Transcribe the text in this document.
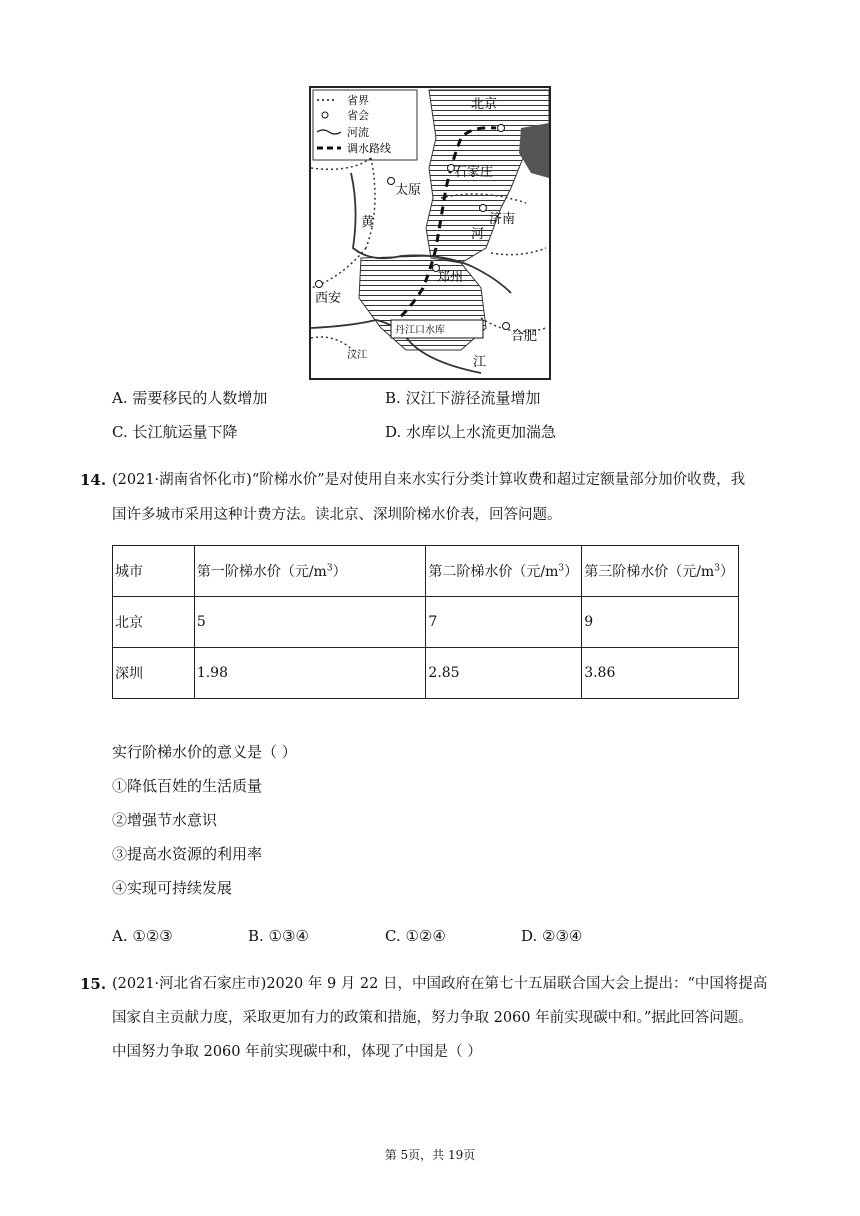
省界
省会
河流
调水路线
北京
石家庄
太原
济南
郑州
西安
合肥
丹江口水库
黄
江
河
汉江
A. 需要移民的人数增加	B. 汉江下游径流量增加
C. 长江航运量下降	D. 水库以上水流更加湍急
14. (2021·湖南省怀化市)“阶梯水价”是对使用自来水实行分类计算收费和超过定额量部分加价收费，我
国许多城市采用这种计费方法。读北京、深圳阶梯水价表，回答问题。
城市	第一阶梯水价（元$/m^3$）	第二阶梯水价（元$/m^3$）	第三阶梯水价（元$/m^3$）
北京	5	7	9
深圳	1.98	2.85	3.86
实行阶梯水价的意义是（ ）
①降低百姓的生活质量
②增强节水意识
③提高水资源的利用率
④实现可持续发展
A. ①②③	B. ①③④	C. ①②④	D. ②③④
15. (2021·河北省石家庄市)2020 年 9 月 22 日，中国政府在第七十五届联合国大会上提出：“中国将提高
国家自主贡献力度，采取更加有力的政策和措施，努力争取 2060 年前实现碳中和。”据此回答问题。
中国努力争取 2060 年前实现碳中和，体现了中国是（ ）
第 5页，共 19页
